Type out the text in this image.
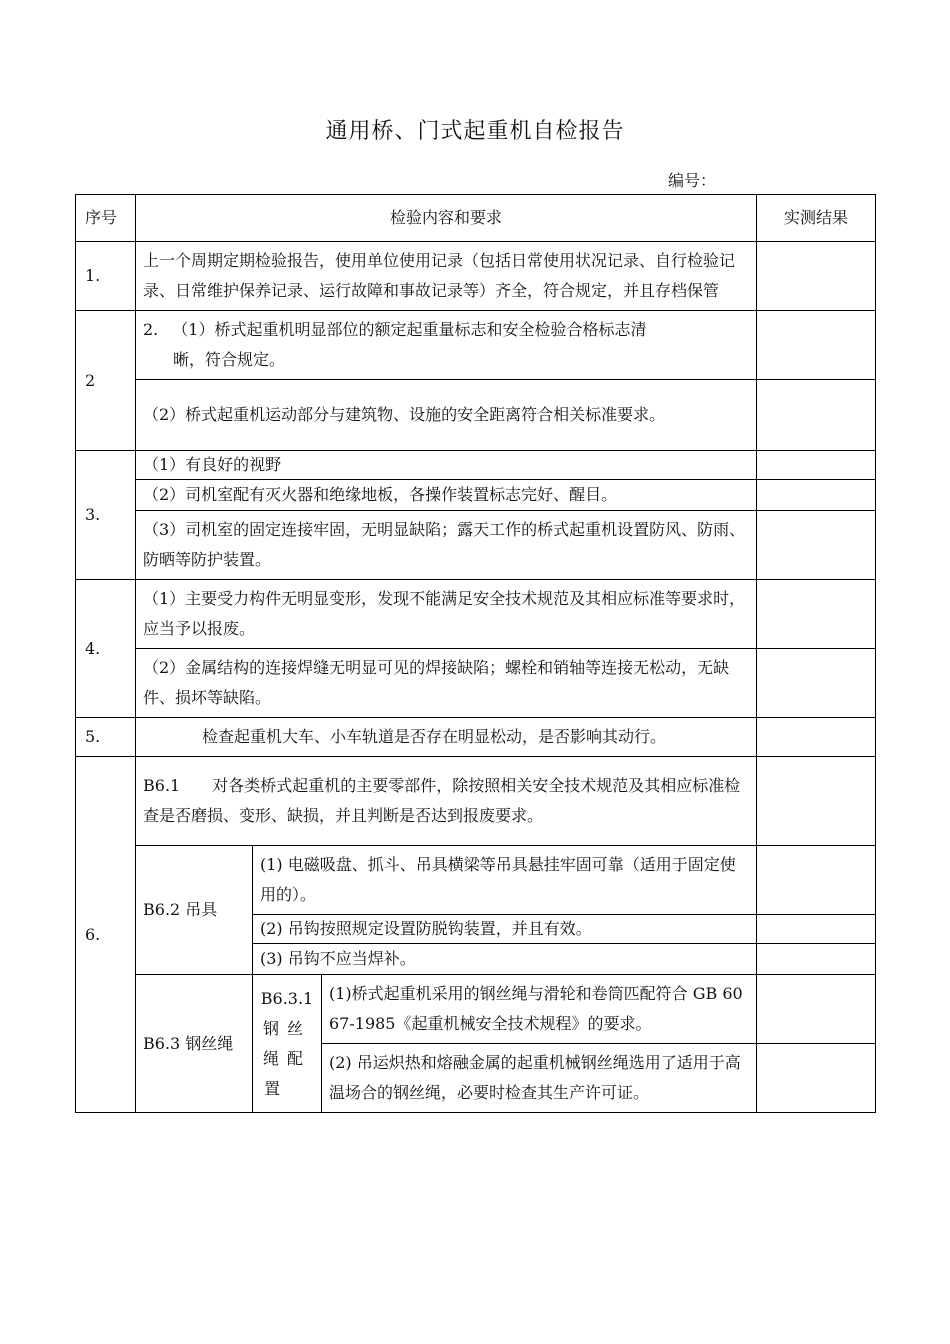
通用桥、门式起重机自检报告
编号：
序号	检验内容和要求			实测结果
1.	上一个周期定期检验报告，使用单位使用记录（包括日常使用状况记录、自行检验记录、日常维护保养记录、运行故障和事故记录等）齐全，符合规定，并且存档保管			
2	2. （1）桥式起重机明显部位的额定起重量标志和安全检验合格标志清
晰，符合规定。			
	（2）桥式起重机运动部分与建筑物、设施的安全距离符合相关标准要求。			
3.	（1）有良好的视野			
	（2）司机室配有灭火器和绝缘地板，各操作装置标志完好、醒目。			
	（3）司机室的固定连接牢固，无明显缺陷；露天工作的桥式起重机设置防风、防雨、防晒等防护装置。			
4.	（1）主要受力构件无明显变形，发现不能满足安全技术规范及其相应标准等要求时，应当予以报废。			
	（2）金属结构的连接焊缝无明显可见的焊接缺陷；螺栓和销轴等连接无松动，无缺件、损坏等缺陷。			
5.	检查起重机大车、小车轨道是否存在明显松动，是否影响其动行。			
6.	B6.1　　对各类桥式起重机的主要零部件，除按照相关安全技术规范及其相应标准检查是否磨损、变形、缺损，并且判断是否达到报废要求。			
	B6.2 吊具	(1) 电磁吸盘、抓斗、吊具横梁等吊具悬挂牢固可靠（适用于固定使用的）。		
		(2) 吊钩按照规定设置防脱钩装置，并且有效。		
		(3) 吊钩不应当焊补。		
	B6.3 钢丝绳	B6.3.1
钢丝
绳配
置	(1)桥式起重机采用的钢丝绳与滑轮和卷筒匹配符合 GB 6067-1985《起重机械安全技术规程》的要求。	
			(2) 吊运炽热和熔融金属的起重机械钢丝绳选用了适用于高温场合的钢丝绳，必要时检查其生产许可证。	
